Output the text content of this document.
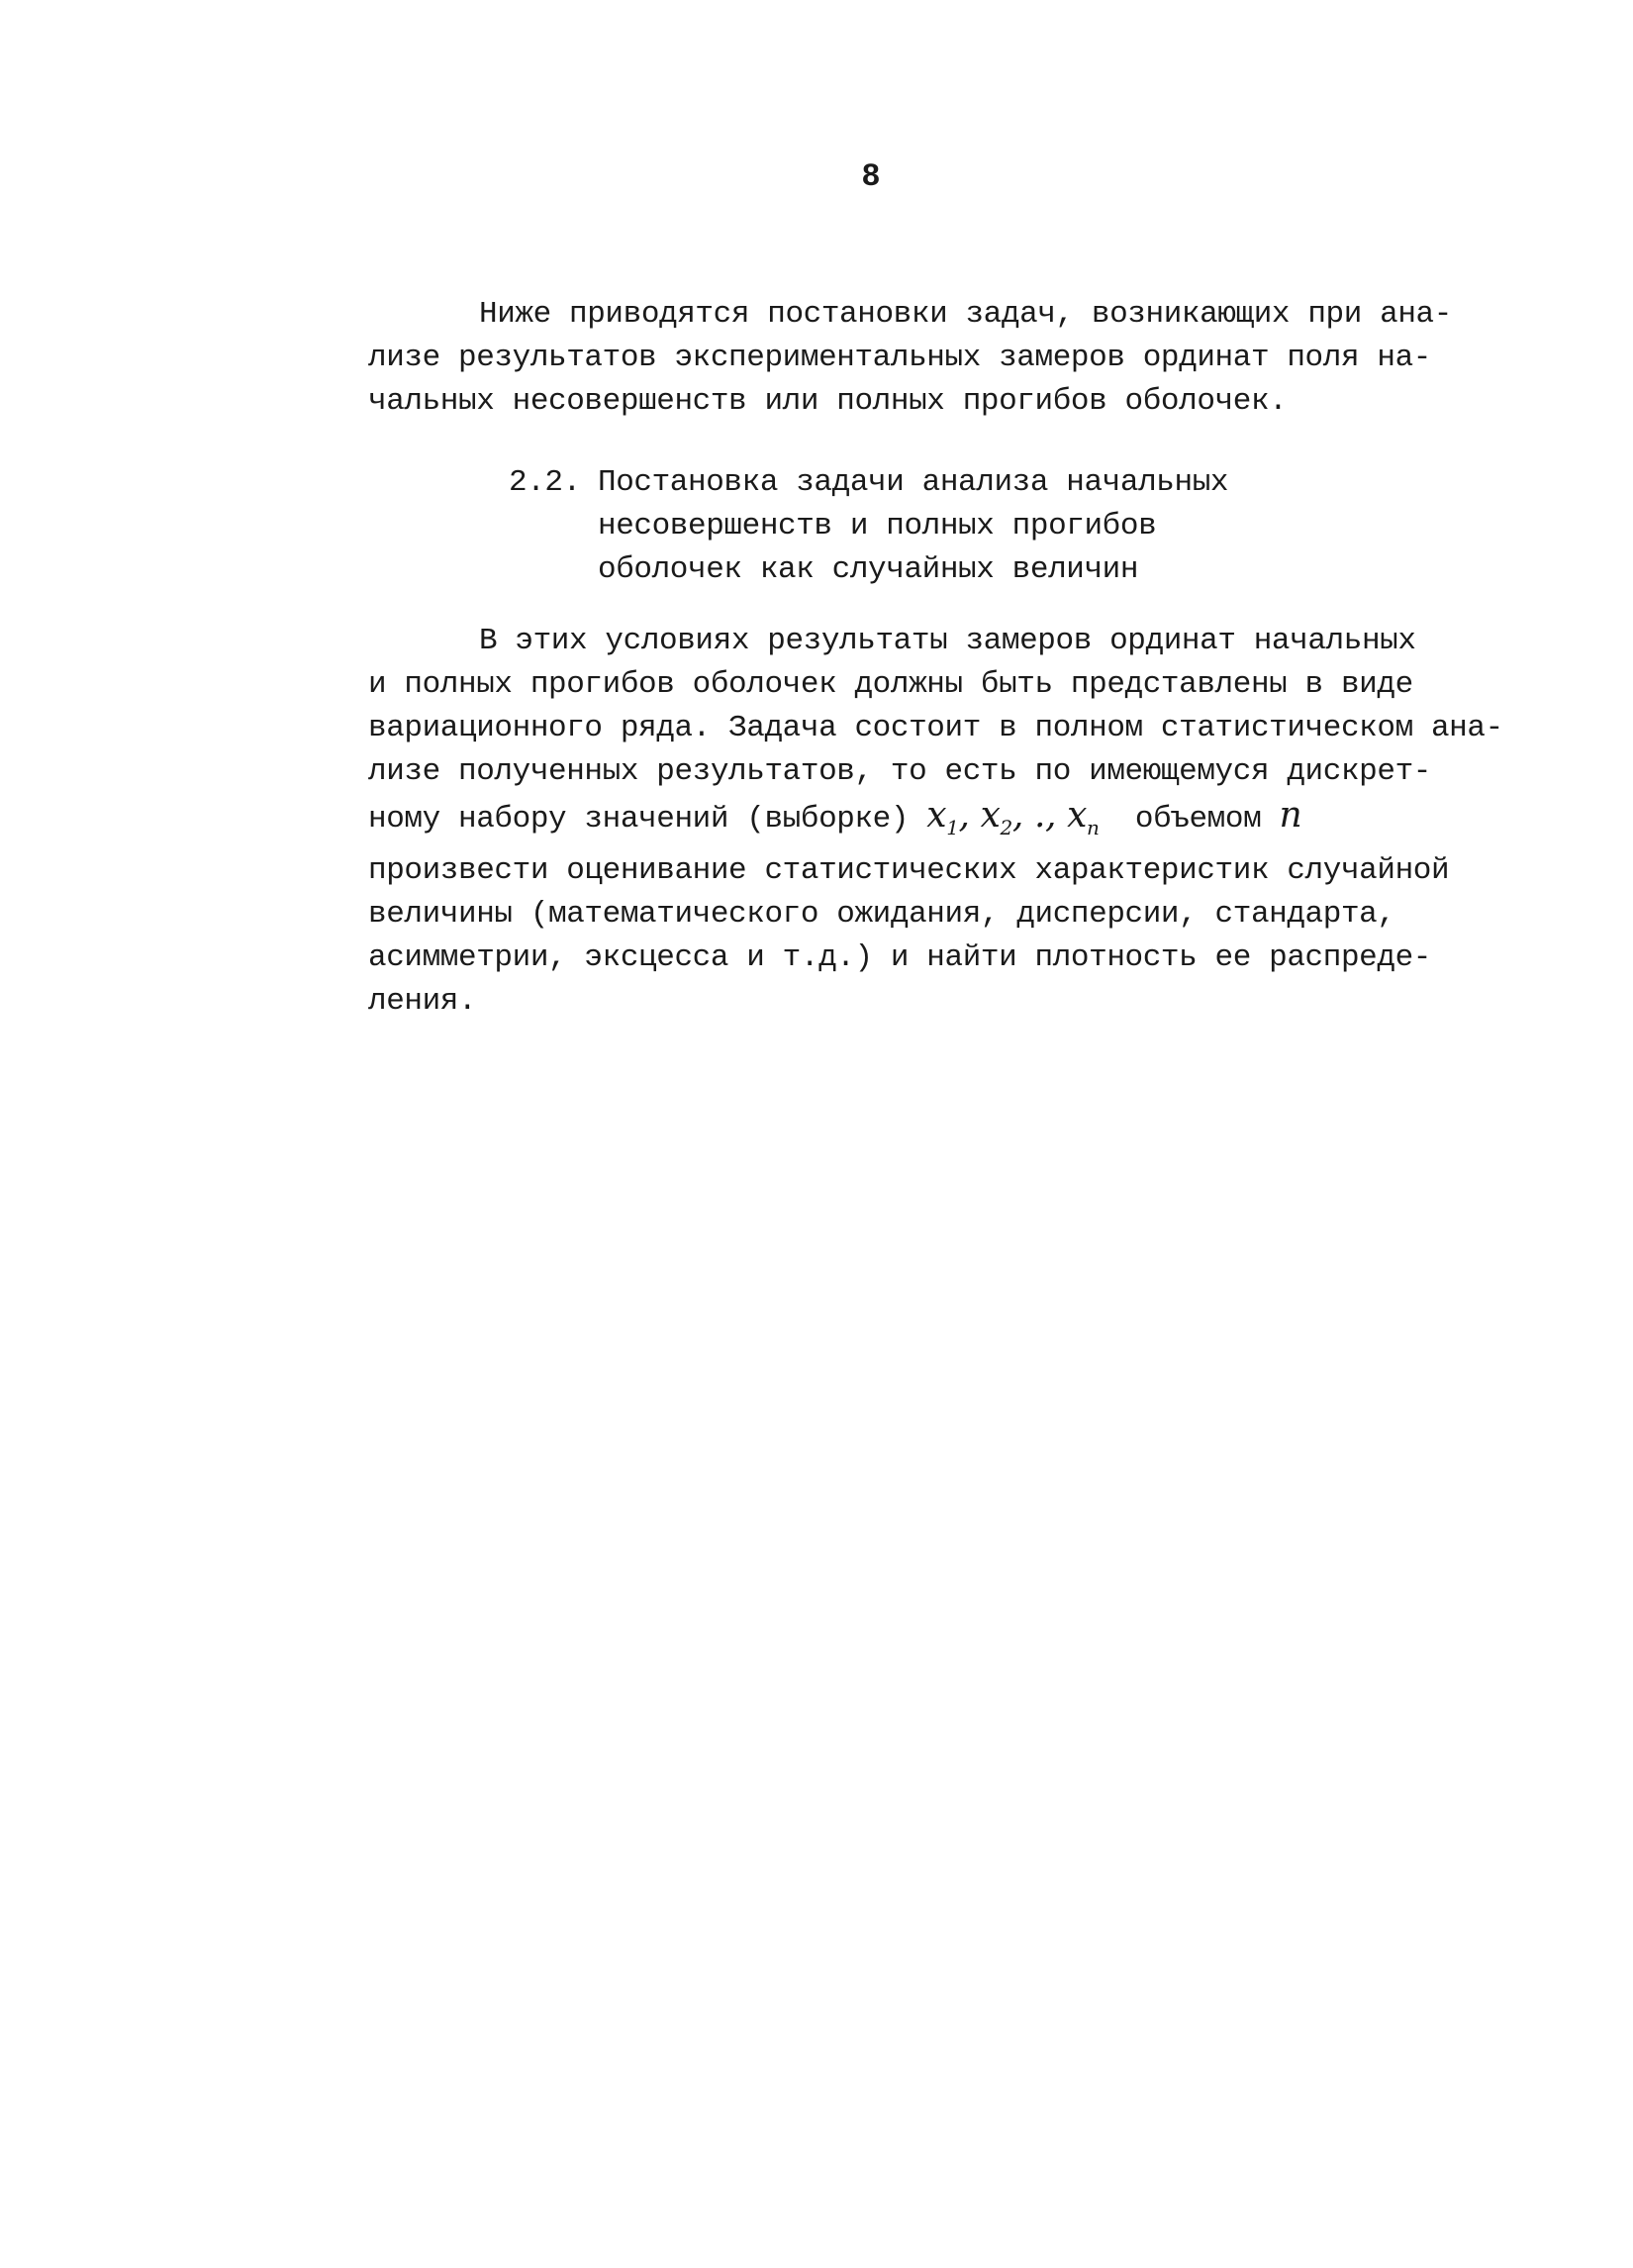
8
Ниже приводятся постановки задач, возникающих при ана-
лизе результатов экспериментальных замеров ординат поля на-
чальных несовершенств или полных прогибов оболочек.
2.2. Постановка задачи анализа начальных
несовершенств и полных прогибов
оболочек как случайных величин
В этих условиях результаты замеров ординат начальных
и полных прогибов оболочек должны быть представлены в виде
вариационного ряда. Задача состоит в полном статистическом ана-
лизе полученных результатов, то есть по имеющемуся дискрет-
ному набору значений (выборке) $x_1$, $x_2$, ., $x_n$  объемом n
произвести оценивание статистических характеристик случайной
величины (математического ожидания, дисперсии, стандарта,
асимметрии, эксцесса и т.д.) и найти плотность ее распреде-
ления.
